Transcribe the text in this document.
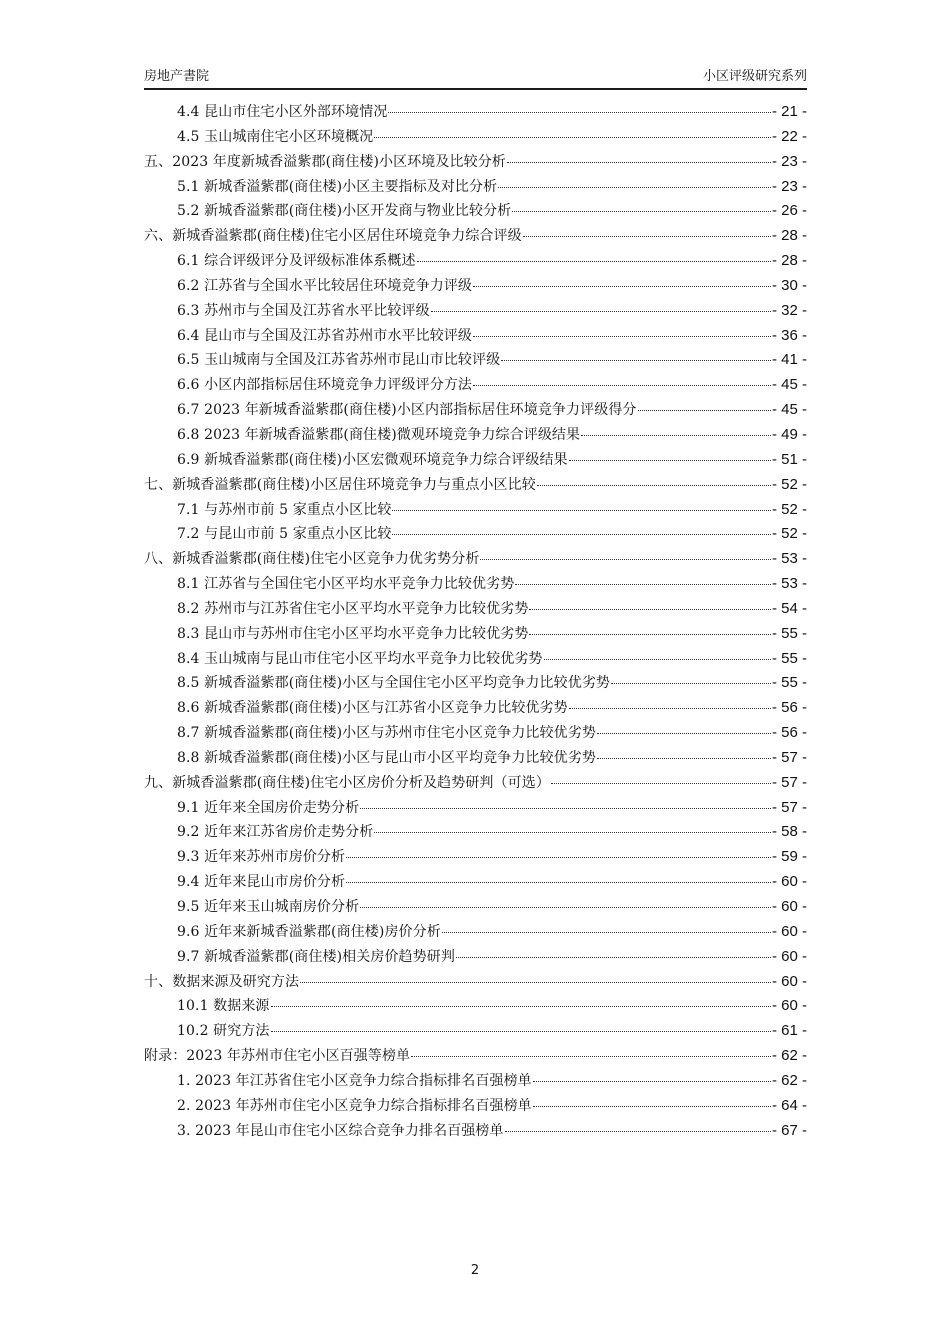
房地产書院	小区评级研究系列
4.4 昆山市住宅小区外部环境情况	- 21 -
4.5 玉山城南住宅小区环境概况	- 22 -
五、2023 年度新城香溢紫郡(商住楼)小区环境及比较分析	- 23 -
5.1 新城香溢紫郡(商住楼)小区主要指标及对比分析	- 23 -
5.2 新城香溢紫郡(商住楼)小区开发商与物业比较分析	- 26 -
六、新城香溢紫郡(商住楼)住宅小区居住环境竞争力综合评级	- 28 -
6.1 综合评级评分及评级标准体系概述	- 28 -
6.2 江苏省与全国水平比较居住环境竞争力评级	- 30 -
6.3 苏州市与全国及江苏省水平比较评级	- 32 -
6.4 昆山市与全国及江苏省苏州市水平比较评级	- 36 -
6.5 玉山城南与全国及江苏省苏州市昆山市比较评级	- 41 -
6.6 小区内部指标居住环境竞争力评级评分方法	- 45 -
6.7 2023 年新城香溢紫郡(商住楼)小区内部指标居住环境竞争力评级得分	- 45 -
6.8 2023 年新城香溢紫郡(商住楼)微观环境竞争力综合评级结果	- 49 -
6.9 新城香溢紫郡(商住楼)小区宏微观环境竞争力综合评级结果	- 51 -
七、新城香溢紫郡(商住楼)小区居住环境竞争力与重点小区比较	- 52 -
7.1 与苏州市前 5 家重点小区比较	- 52 -
7.2 与昆山市前 5 家重点小区比较	- 52 -
八、新城香溢紫郡(商住楼)住宅小区竞争力优劣势分析	- 53 -
8.1 江苏省与全国住宅小区平均水平竞争力比较优劣势	- 53 -
8.2 苏州市与江苏省住宅小区平均水平竞争力比较优劣势	- 54 -
8.3 昆山市与苏州市住宅小区平均水平竞争力比较优劣势	- 55 -
8.4 玉山城南与昆山市住宅小区平均水平竞争力比较优劣势	- 55 -
8.5 新城香溢紫郡(商住楼)小区与全国住宅小区平均竞争力比较优劣势	- 55 -
8.6 新城香溢紫郡(商住楼)小区与江苏省小区竞争力比较优劣势	- 56 -
8.7 新城香溢紫郡(商住楼)小区与苏州市住宅小区竞争力比较优劣势	- 56 -
8.8 新城香溢紫郡(商住楼)小区与昆山市小区平均竞争力比较优劣势	- 57 -
九、新城香溢紫郡(商住楼)住宅小区房价分析及趋势研判（可选）	- 57 -
9.1 近年来全国房价走势分析	- 57 -
9.2 近年来江苏省房价走势分析	- 58 -
9.3 近年来苏州市房价分析	- 59 -
9.4 近年来昆山市房价分析	- 60 -
9.5 近年来玉山城南房价分析	- 60 -
9.6 近年来新城香溢紫郡(商住楼)房价分析	- 60 -
9.7 新城香溢紫郡(商住楼)相关房价趋势研判	- 60 -
十、数据来源及研究方法	- 60 -
10.1 数据来源	- 60 -
10.2 研究方法	- 61 -
附录：2023 年苏州市住宅小区百强等榜单	- 62 -
1. 2023 年江苏省住宅小区竞争力综合指标排名百强榜单	- 62 -
2. 2023 年苏州市住宅小区竞争力综合指标排名百强榜单	- 64 -
3. 2023 年昆山市住宅小区综合竞争力排名百强榜单	- 67 -
2
